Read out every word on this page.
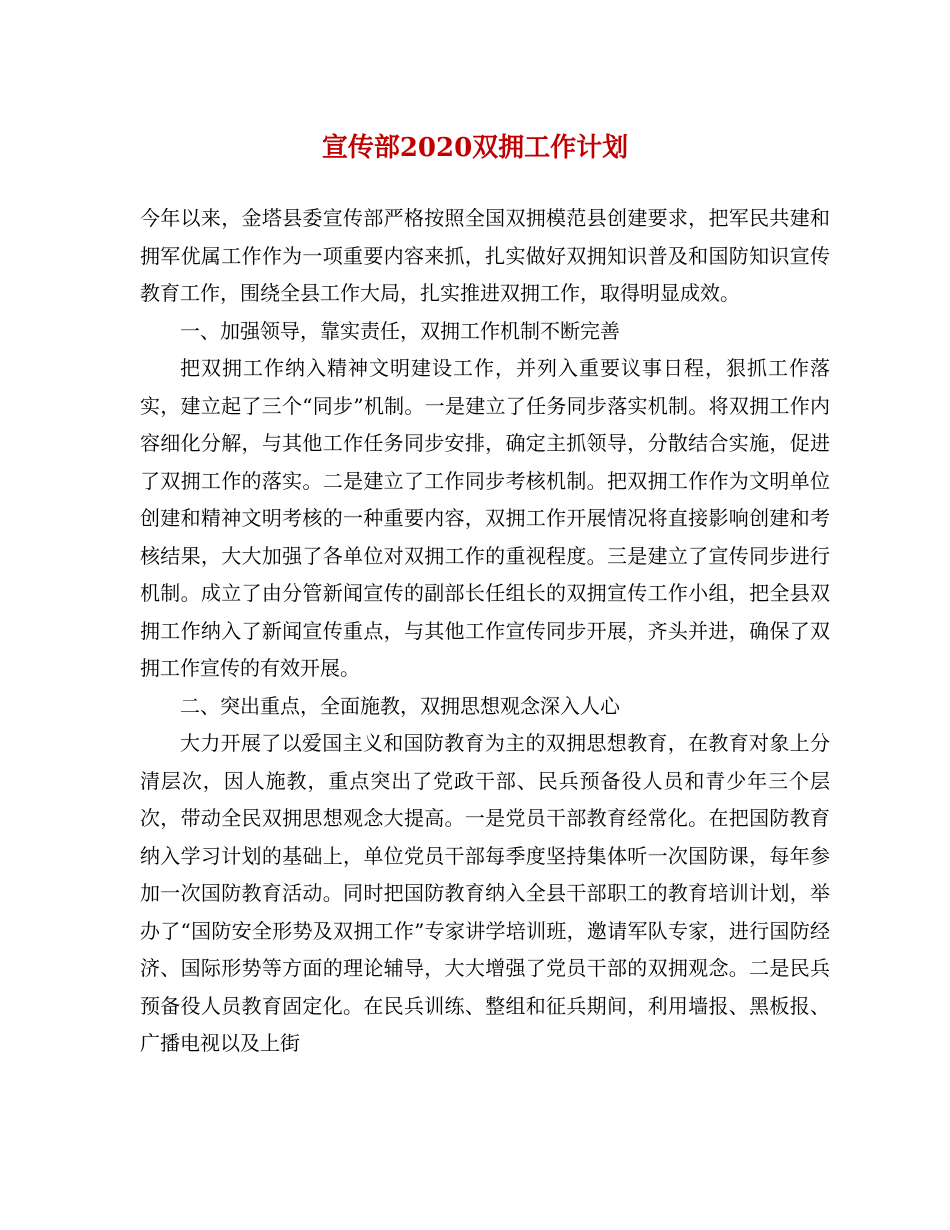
宣传部2020双拥工作计划

今年以来，金塔县委宣传部严格按照全国双拥模范县创建要求，把军民共建和拥军优属工作作为一项重要内容来抓，扎实做好双拥知识普及和国防知识宣传教育工作，围绕全县工作大局，扎实推进双拥工作，取得明显成效。

一、加强领导，靠实责任，双拥工作机制不断完善

把双拥工作纳入精神文明建设工作，并列入重要议事日程，狠抓工作落实，建立起了三个“同步”机制。一是建立了任务同步落实机制。将双拥工作内容细化分解，与其他工作任务同步安排，确定主抓领导，分散结合实施，促进了双拥工作的落实。二是建立了工作同步考核机制。把双拥工作作为文明单位创建和精神文明考核的一种重要内容，双拥工作开展情况将直接影响创建和考核结果，大大加强了各单位对双拥工作的重视程度。三是建立了宣传同步进行机制。成立了由分管新闻宣传的副部长任组长的双拥宣传工作小组，把全县双拥工作纳入了新闻宣传重点，与其他工作宣传同步开展，齐头并进，确保了双拥工作宣传的有效开展。

二、突出重点，全面施教，双拥思想观念深入人心

大力开展了以爱国主义和国防教育为主的双拥思想教育，在教育对象上分清层次，因人施教，重点突出了党政干部、民兵预备役人员和青少年三个层次，带动全民双拥思想观念大提高。一是党员干部教育经常化。在把国防教育纳入学习计划的基础上，单位党员干部每季度坚持集体听一次国防课，每年参加一次国防教育活动。同时把国防教育纳入全县干部职工的教育培训计划，举办了“国防安全形势及双拥工作”专家讲学培训班，邀请军队专家，进行国防经济、国际形势等方面的理论辅导，大大增强了党员干部的双拥观念。二是民兵预备役人员教育固定化。在民兵训练、整组和征兵期间，利用墙报、黑板报、广播电视以及上街
